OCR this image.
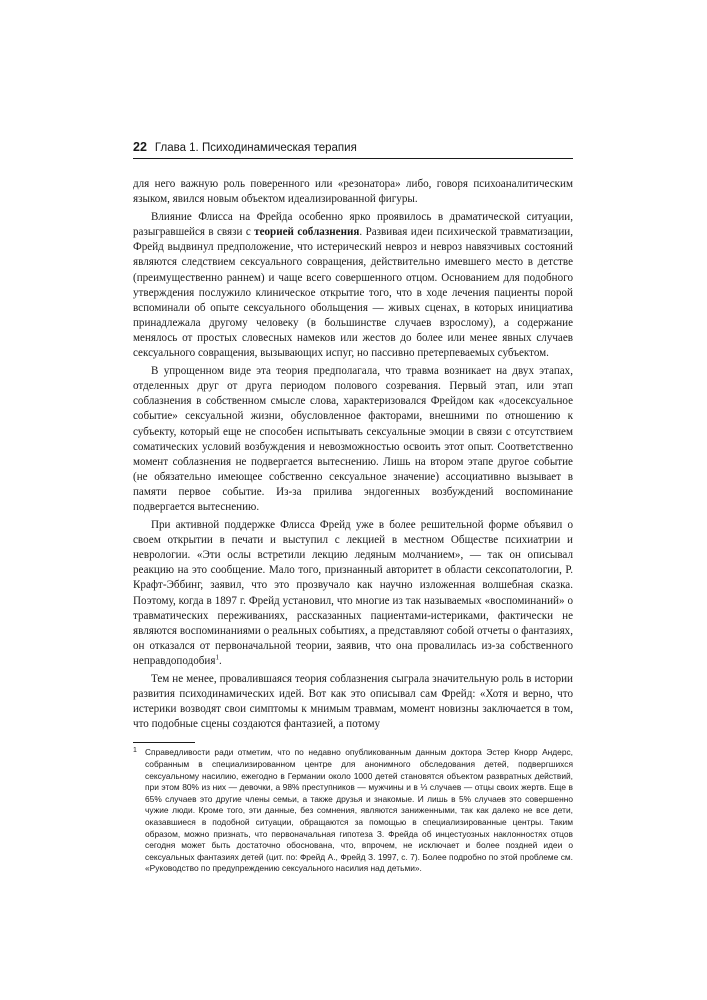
22 Глава 1. Психодинамическая терапия

для него важную роль поверенного или «резонатора» либо, говоря психоаналитическим языком, явился новым объектом идеализированной фигуры.

Влияние Флисса на Фрейда особенно ярко проявилось в драматической ситуации, разыгравшейся в связи с теорией соблазнения. Развивая идеи психической травматизации, Фрейд выдвинул предположение, что истерический невроз и невроз навязчивых состояний являются следствием сексуального совращения, действительно имевшего место в детстве (преимущественно раннем) и чаще всего совершенного отцом. Основанием для подобного утверждения послужило клиническое открытие того, что в ходе лечения пациенты порой вспоминали об опыте сексуального обольщения — живых сценах, в которых инициатива принадлежала другому человеку (в большинстве случаев взрослому), а содержание менялось от простых словесных намеков или жестов до более или менее явных случаев сексуального совращения, вызывающих испуг, но пассивно претерпеваемых субъектом.

В упрощенном виде эта теория предполагала, что травма возникает на двух этапах, отделенных друг от друга периодом полового созревания. Первый этап, или этап соблазнения в собственном смысле слова, характеризовался Фрейдом как «досексуальное событие» сексуальной жизни, обусловленное факторами, внешними по отношению к субъекту, который еще не способен испытывать сексуальные эмоции в связи с отсутствием соматических условий возбуждения и невозможностью освоить этот опыт. Соответственно момент соблазнения не подвергается вытеснению. Лишь на втором этапе другое событие (не обязательно имеющее собственно сексуальное значение) ассоциативно вызывает в памяти первое событие. Из-за прилива эндогенных возбуждений воспоминание подвергается вытеснению.

При активной поддержке Флисса Фрейд уже в более решительной форме объявил о своем открытии в печати и выступил с лекцией в местном Обществе психиатрии и неврологии. «Эти ослы встретили лекцию ледяным молчанием», — так он описывал реакцию на это сообщение. Мало того, признанный авторитет в области сексопатологии, Р. Крафт-Эббинг, заявил, что это прозвучало как научно изложенная волшебная сказка. Поэтому, когда в 1897 г. Фрейд установил, что многие из так называемых «воспоминаний» о травматических переживаниях, рассказанных пациентами-истериками, фактически не являются воспоминаниями о реальных событиях, а представляют собой отчеты о фантазиях, он отказался от первоначальной теории, заявив, что она провалилась из-за собственного неправдоподобия$^1$.

Тем не менее, провалившаяся теория соблазнения сыграла значительную роль в истории развития психодинамических идей. Вот как это описывал сам Фрейд: «Хотя и верно, что истерики возводят свои симптомы к мнимым травмам, момент новизны заключается в том, что подобные сцены создаются фантазией, а потому

1 Справедливости ради отметим, что по недавно опубликованным данным доктора Эстер Кнорр Андерс, собранным в специализированном центре для анонимного обследования детей, подвергшихся сексуальному насилию, ежегодно в Германии около 1000 детей становятся объектом развратных действий, при этом 80% из них — девочки, а 98% преступников — мужчины и в ⅓ случаев — отцы своих жертв. Еще в 65% случаев это другие члены семьи, а также друзья и знакомые. И лишь в 5% случаев это совершенно чужие люди. Кроме того, эти данные, без сомнения, являются заниженными, так как далеко не все дети, оказавшиеся в подобной ситуации, обращаются за помощью в специализированные центры. Таким образом, можно признать, что первоначальная гипотеза З. Фрейда об инцестуозных наклонностях отцов сегодня может быть достаточно обоснована, что, впрочем, не исключает и более поздней идеи о сексуальных фантазиях детей (цит. по: Фрейд А., Фрейд З. 1997, с. 7). Более подробно по этой проблеме см. «Руководство по предупреждению сексуального насилия над детьми».
